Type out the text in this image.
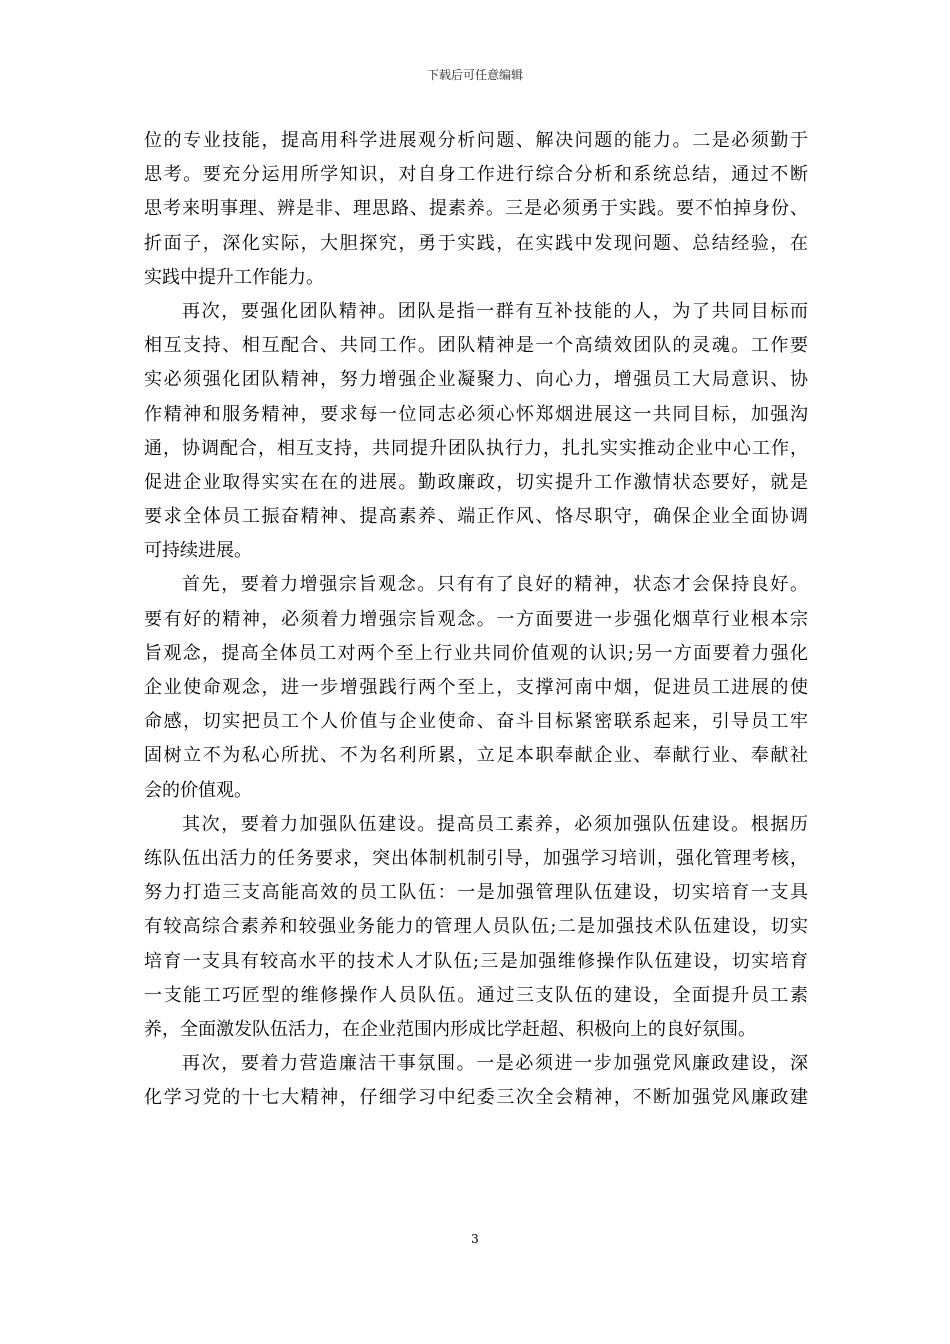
下载后可任意编辑
位的专业技能，提高用科学进展观分析问题、解决问题的能力。二是必须勤于
思考。要充分运用所学知识，对自身工作进行综合分析和系统总结，通过不断
思考来明事理、辨是非、理思路、提素养。三是必须勇于实践。要不怕掉身份、
折面子，深化实际，大胆探究，勇于实践，在实践中发现问题、总结经验，在
实践中提升工作能力。
再次，要强化团队精神。团队是指一群有互补技能的人，为了共同目标而
相互支持、相互配合、共同工作。团队精神是一个高绩效团队的灵魂。工作要
实必须强化团队精神，努力增强企业凝聚力、向心力，增强员工大局意识、协
作精神和服务精神，要求每一位同志必须心怀郑烟进展这一共同目标，加强沟
通，协调配合，相互支持，共同提升团队执行力，扎扎实实推动企业中心工作，
促进企业取得实实在在的进展。勤政廉政，切实提升工作激情状态要好，就是
要求全体员工振奋精神、提高素养、端正作风、恪尽职守，确保企业全面协调
可持续进展。
首先，要着力增强宗旨观念。只有有了良好的精神，状态才会保持良好。
要有好的精神，必须着力增强宗旨观念。一方面要进一步强化烟草行业根本宗
旨观念，提高全体员工对两个至上行业共同价值观的认识;另一方面要着力强化
企业使命观念，进一步增强践行两个至上，支撑河南中烟，促进员工进展的使
命感，切实把员工个人价值与企业使命、奋斗目标紧密联系起来，引导员工牢
固树立不为私心所扰、不为名利所累，立足本职奉献企业、奉献行业、奉献社
会的价值观。
其次，要着力加强队伍建设。提高员工素养，必须加强队伍建设。根据历
练队伍出活力的任务要求，突出体制机制引导，加强学习培训，强化管理考核，
努力打造三支高能高效的员工队伍：一是加强管理队伍建设，切实培育一支具
有较高综合素养和较强业务能力的管理人员队伍;二是加强技术队伍建设，切实
培育一支具有较高水平的技术人才队伍;三是加强维修操作队伍建设，切实培育
一支能工巧匠型的维修操作人员队伍。通过三支队伍的建设，全面提升员工素
养，全面激发队伍活力，在企业范围内形成比学赶超、积极向上的良好氛围。
再次，要着力营造廉洁干事氛围。一是必须进一步加强党风廉政建设，深
化学习党的十七大精神，仔细学习中纪委三次全会精神，不断加强党风廉政建
3
